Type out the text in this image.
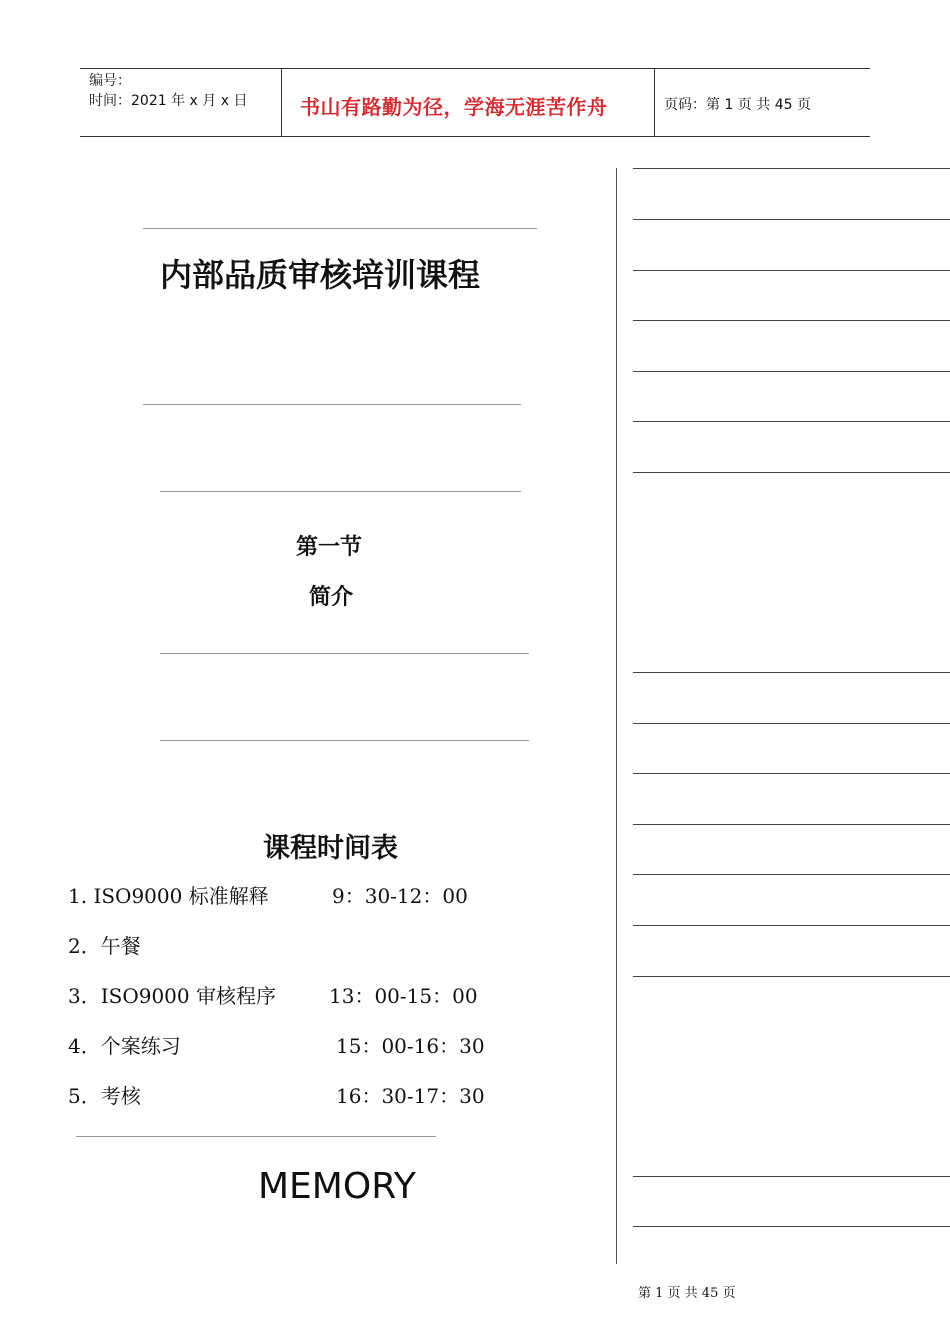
编号：
时间：2021 年 x 月 x 日	书山有路勤为径，学海无涯苦作舟	页码：第 1 页 共 45 页
内部品质审核培训课程
第一节
简介
课程时间表
1. ISO9000 标准解释	9：30-12：00
2．午餐
3．ISO9000 审核程序	13：00-15：00
4．个案练习	15：00-16：30
5．考核	16：30-17：30
MEMORY
第 1 页 共 45 页
